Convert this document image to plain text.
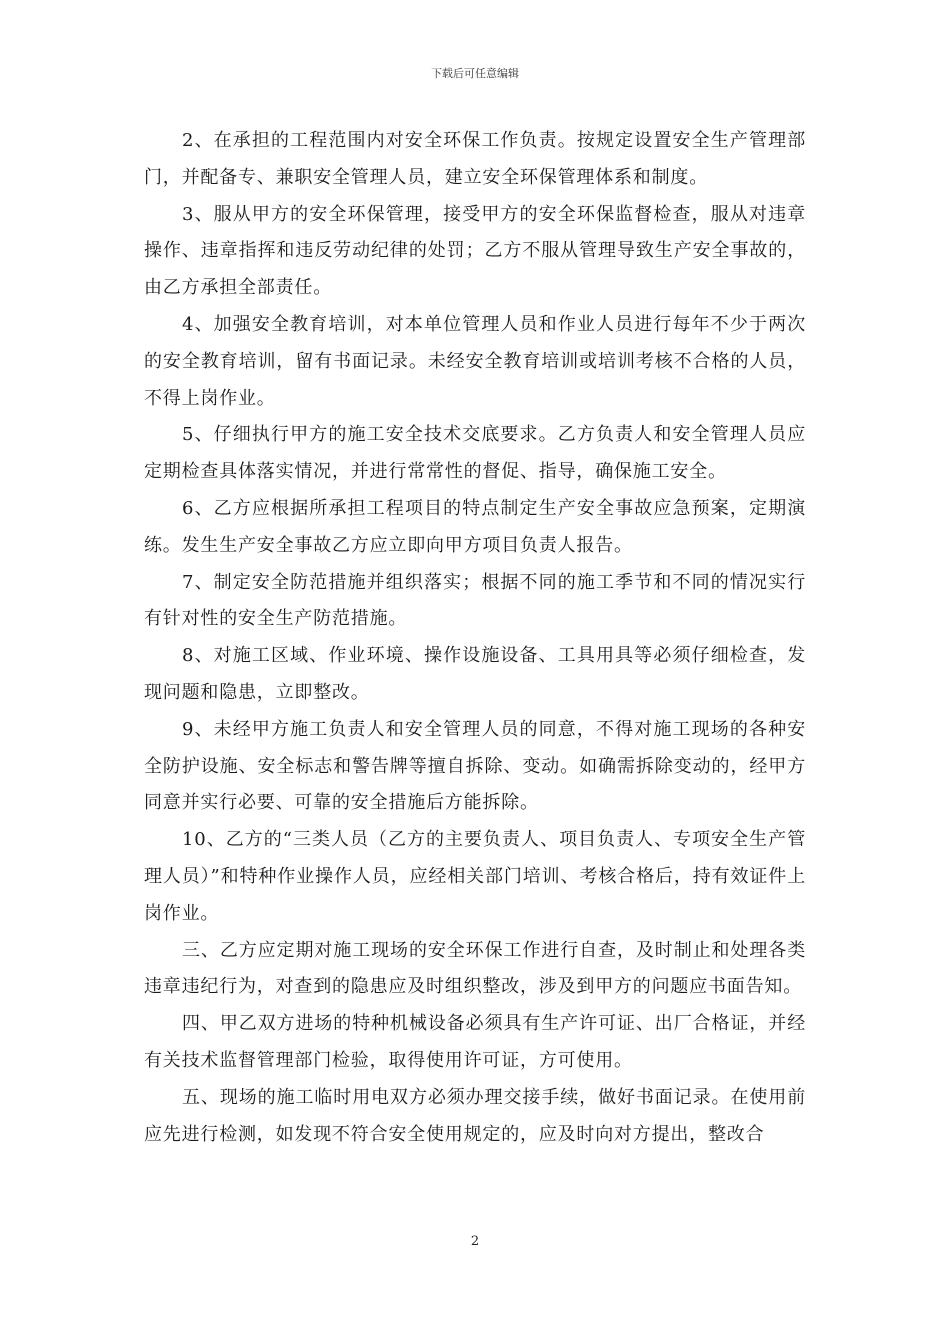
下载后可任意编辑

2、在承担的工程范围内对安全环保工作负责。按规定设置安全生产管理部门，并配备专、兼职安全管理人员，建立安全环保管理体系和制度。

3、服从甲方的安全环保管理，接受甲方的安全环保监督检查，服从对违章操作、违章指挥和违反劳动纪律的处罚；乙方不服从管理导致生产安全事故的，由乙方承担全部责任。

4、加强安全教育培训，对本单位管理人员和作业人员进行每年不少于两次的安全教育培训，留有书面记录。未经安全教育培训或培训考核不合格的人员，不得上岗作业。

5、仔细执行甲方的施工安全技术交底要求。乙方负责人和安全管理人员应定期检查具体落实情况，并进行常常性的督促、指导，确保施工安全。

6、乙方应根据所承担工程项目的特点制定生产安全事故应急预案，定期演练。发生生产安全事故乙方应立即向甲方项目负责人报告。

7、制定安全防范措施并组织落实；根据不同的施工季节和不同的情况实行有针对性的安全生产防范措施。

8、对施工区域、作业环境、操作设施设备、工具用具等必须仔细检查，发现问题和隐患，立即整改。

9、未经甲方施工负责人和安全管理人员的同意，不得对施工现场的各种安全防护设施、安全标志和警告牌等擅自拆除、变动。如确需拆除变动的，经甲方同意并实行必要、可靠的安全措施后方能拆除。

10、乙方的“三类人员（乙方的主要负责人、项目负责人、专项安全生产管理人员）”和特种作业操作人员，应经相关部门培训、考核合格后，持有效证件上岗作业。

三、乙方应定期对施工现场的安全环保工作进行自查，及时制止和处理各类违章违纪行为，对查到的隐患应及时组织整改，涉及到甲方的问题应书面告知。

四、甲乙双方进场的特种机械设备必须具有生产许可证、出厂合格证，并经有关技术监督管理部门检验，取得使用许可证，方可使用。

五、现场的施工临时用电双方必须办理交接手续，做好书面记录。在使用前应先进行检测，如发现不符合安全使用规定的，应及时向对方提出，整改合

2
